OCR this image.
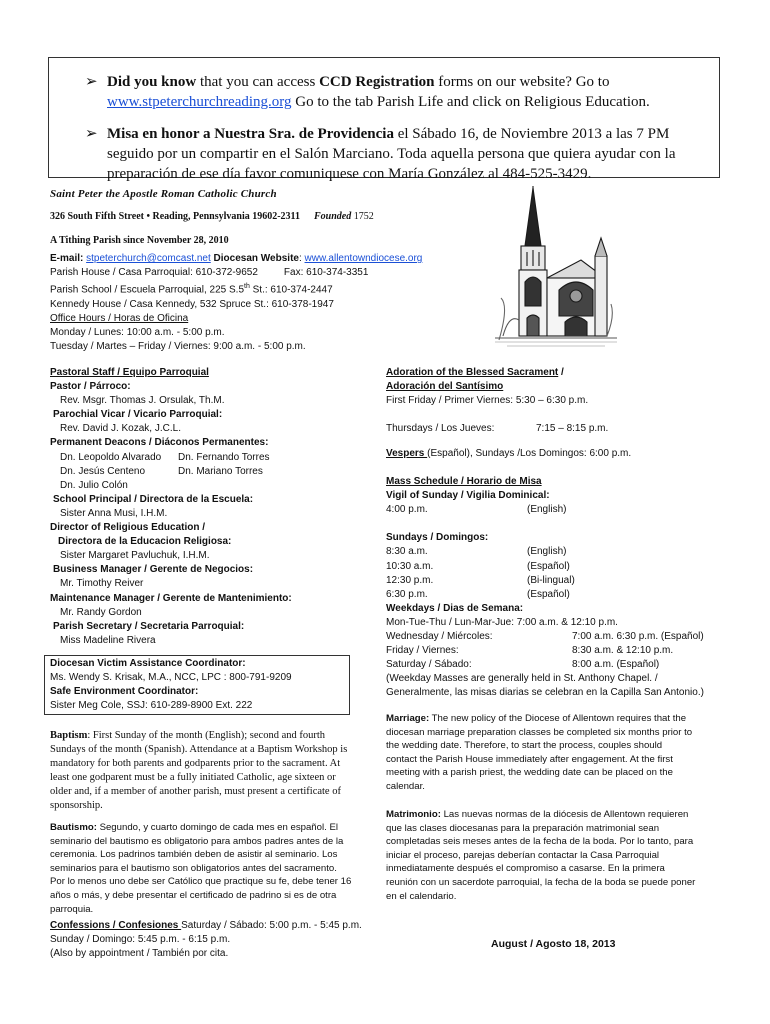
➢ Did you know that you can access CCD Registration forms on our website? Go to
www.stpeterchurchreading.org Go to the tab Parish Life and click on Religious Education.
➢ Misa en honor a Nuestra Sra. de Providencia el Sábado 16, de Noviembre 2013 a las 7 PM
seguido por un compartir en el Salón Marciano. Toda aquella persona que quiera ayudar con la
preparación de ese día favor comuniquese con María González al 484-525-3429.
Saint Peter the Apostle Roman Catholic Church
326 South Fifth Street • Reading, Pennsylvania 19602-2311 Founded 1752
A Tithing Parish since November 28, 2010
E-mail: stpeterchurch@comcast.net Diocesan Website: www.allentowndiocese.org
Parish House / Casa Parroquial: 610-372-9652	Fax: 610-374-3351
Parish School / Escuela Parroquial, 225 S.5th St.: 610-374-2447
Kennedy House / Casa Kennedy, 532 Spruce St.: 610-378-1947
Office Hours / Horas de Oficina
Monday / Lunes: 10:00 a.m. - 5:00 p.m.
Tuesday / Martes – Friday / Viernes: 9:00 a.m. - 5:00 p.m.
Pastoral Staff / Equipo Parroquial
Pastor / Párroco:
Rev. Msgr. Thomas J. Orsulak, Th.M.
Parochial Vicar / Vicario Parroquial:
Rev. David J. Kozak, J.C.L.
Permanent Deacons / Diáconos Permanentes:
Dn. Leopoldo Alvarado Dn. Fernando Torres
Dn. Jesús Centeno	Dn. Mariano Torres
Dn. Julio Colón
School Principal / Directora de la Escuela:
Sister Anna Musi, I.H.M.
Director of Religious Education /
Directora de la Educacion Religiosa:
Sister Margaret Pavluchuk, I.H.M.
Business Manager / Gerente de Negocios:
Mr. Timothy Reiver
Maintenance Manager / Gerente de Mantenimiento:
Mr. Randy Gordon
Parish Secretary / Secretaria Parroquial:
Miss Madeline Rivera
Diocesan Victim Assistance Coordinator:
Ms. Wendy S. Krisak, M.A., NCC, LPC : 800-791-9209
Safe Environment Coordinator:
Sister Meg Cole, SSJ: 610-289-8900 Ext. 222
Baptism: First Sunday of the month (English); second and fourth
Sundays of the month (Spanish). Attendance at a Baptism Workshop is
mandatory for both parents and godparents prior to the sacrament. At
least one godparent must be a fully initiated Catholic, age sixteen or
older and, if a member of another parish, must present a certificate of
sponsorship.
Bautismo: Segundo, y cuarto domingo de cada mes en español. El
seminario del bautismo es obligatorio para ambos padres antes de la
ceremonia. Los padrinos también deben de asistir al seminario. Los
seminarios para el bautismo son obligatorios antes del sacramento.
Por lo menos uno debe ser Católico que practique su fe, debe tener 16
años o más, y debe presentar el certificado de padrino si es de otra
parroquia.
Confessions / Confesiones Saturday / Sábado: 5:00 p.m. - 5:45 p.m.
Sunday / Domingo: 5:45 p.m. - 6:15 p.m.
(Also by appointment / También por cita.
Adoration of the Blessed Sacrament /
Adoración del Santísimo
First Friday / Primer Viernes: 5:30 – 6:30 p.m.

Thursdays / Los Jueves:	7:15 – 8:15 p.m.
Vespers (Español), Sundays /Los Domingos: 6:00 p.m.
Mass Schedule / Horario de Misa
Vigil of Sunday / Vigilia Dominical:
4:00 p.m.	(English)

Sundays / Domingos:
8:30 a.m.	(English)
10:30 a.m.	(Español)
12:30 p.m.	(Bi-lingual)
6:30 p.m.	(Español)
Weekdays / Dias de Semana:
Mon-Tue-Thu / Lun-Mar-Jue: 7:00 a.m. & 12:10 p.m.
Wednesday / Miércoles:	7:00 a.m. 6:30 p.m. (Español)
Friday / Viernes:	8:30 a.m. & 12:10 p.m.
Saturday / Sábado:	8:00 a.m. (Español)
(Weekday Masses are generally held in St. Anthony Chapel. /
Generalmente, las misas diarias se celebran en la Capilla San Antonio.)
Marriage: The new policy of the Diocese of Allentown requires that the
diocesan marriage preparation classes be completed six months prior to
the wedding date. Therefore, to start the process, couples should
contact the Parish House immediately after engagement. At the first
meeting with a parish priest, the wedding date can be placed on the
calendar.
Matrimonio: Las nuevas normas de la diócesis de Allentown requieren
que las clases diocesanas para la preparación matrimonial sean
completadas seis meses antes de la fecha de la boda. Por lo tanto, para
iniciar el proceso, parejas deberían contactar la Casa Parroquial
inmediatamente después el compromiso a casarse. En la primera
reunión con un sacerdote parroquial, la fecha de la boda se puede poner
en el calendario.
August / Agosto 18, 2013
